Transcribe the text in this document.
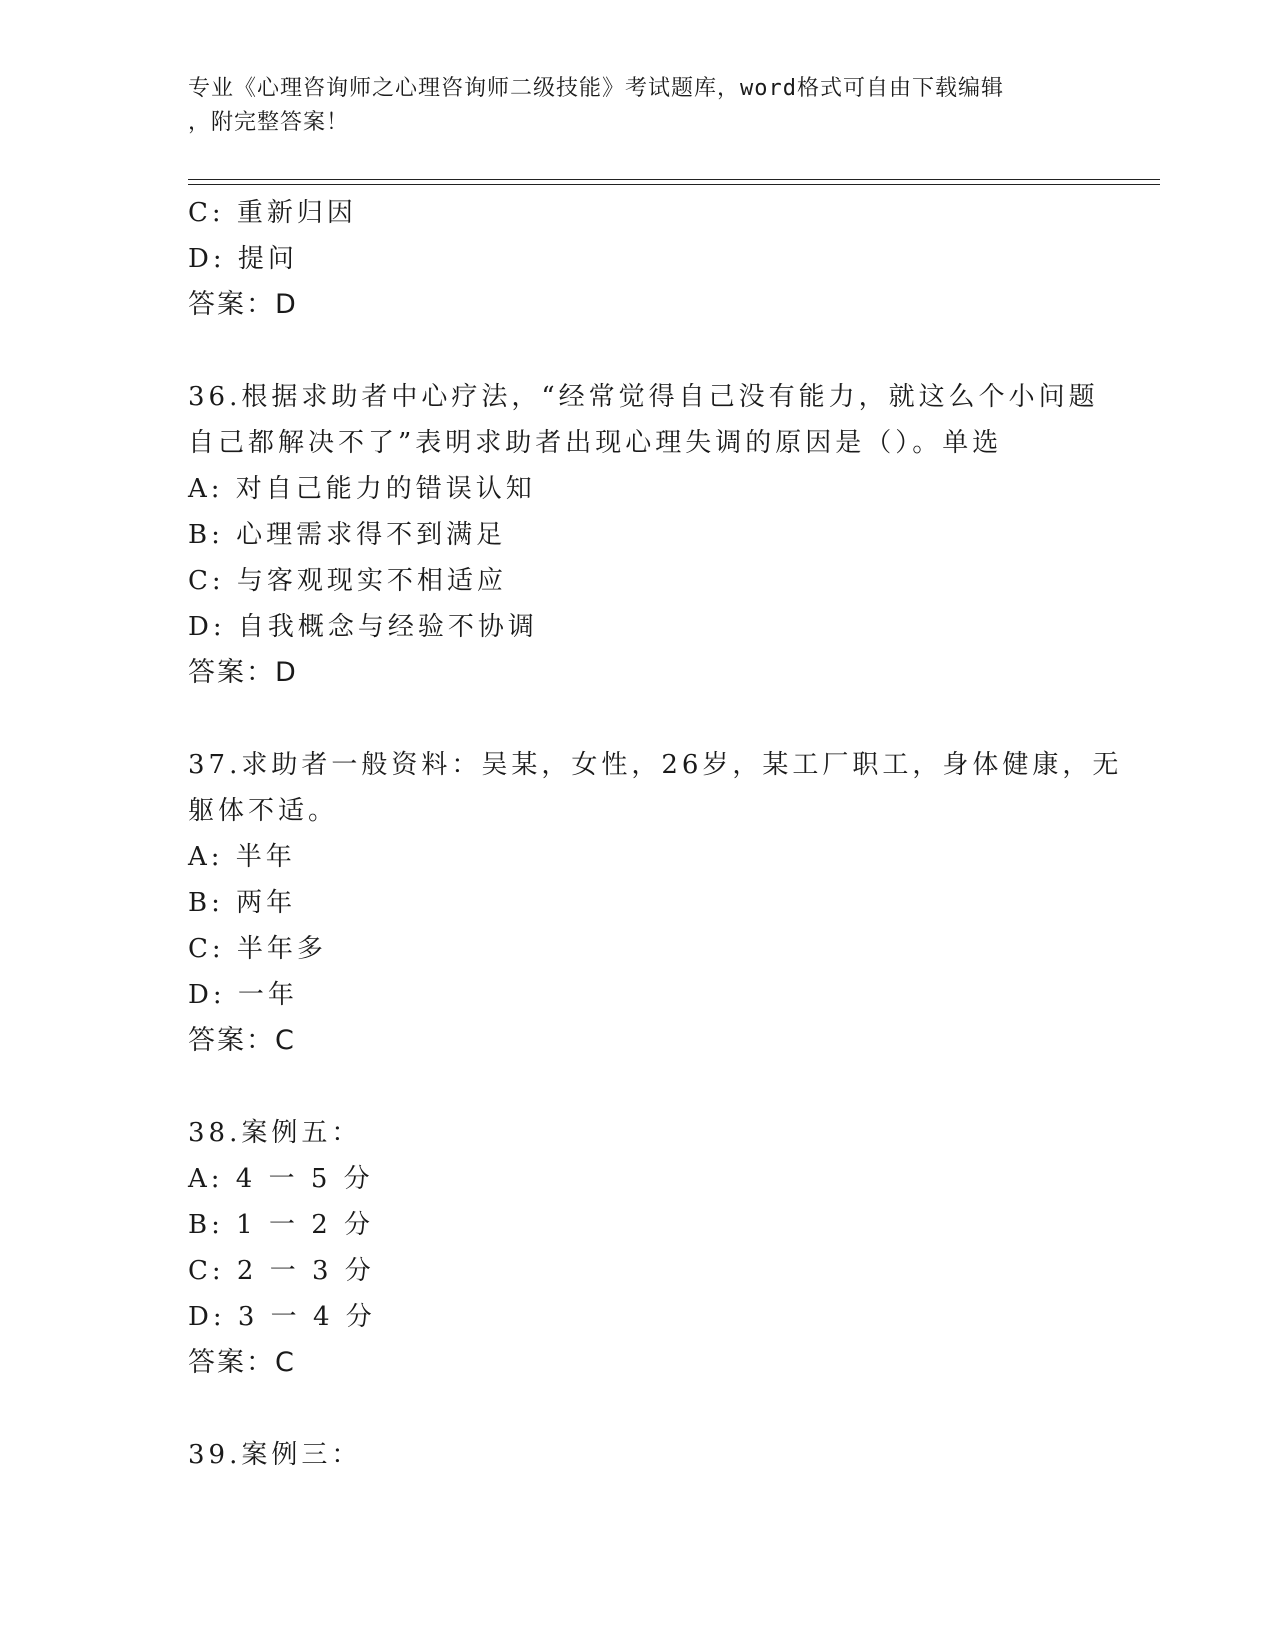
专业《心理咨询师之心理咨询师二级技能》考试题库，word格式可自由下载编辑
，附完整答案！
C: 重新归因
D: 提问
答案：D
36.根据求助者中心疗法，“经常觉得自己没有能力，就这么个小问题
自己都解决不了”表明求助者出现心理失调的原因是（）。单选
A: 对自己能力的错误认知
B: 心理需求得不到满足
C: 与客观现实不相适应
D: 自我概念与经验不协调
答案：D
37.求助者一般资料：吴某，女性，26岁，某工厂职工，身体健康，无
躯体不适。
A: 半年
B: 两年
C: 半年多
D: 一年
答案：C
38.案例五：
A: 4 一 5 分
B: 1 一 2 分
C: 2 一 3 分
D: 3 一 4 分
答案：C
39.案例三：
